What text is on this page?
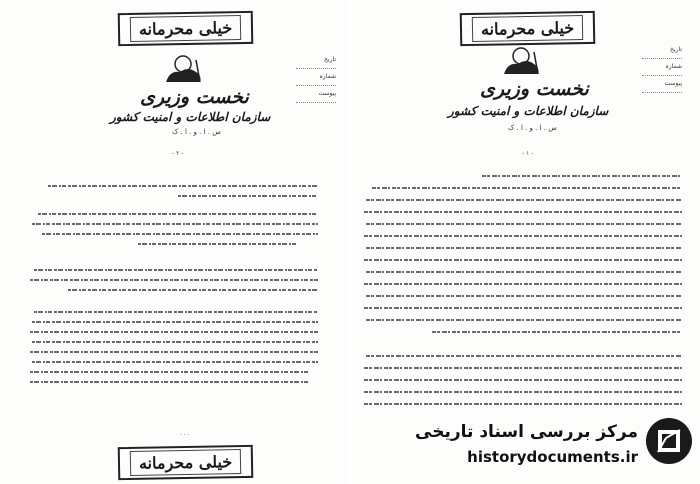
خیلی محرمانه
نخست وزیری
سازمان اطلاعات و امنیت کشور
س . ا . و . ا . ک
تاریخ
شماره
پیوست
- ۲ -
خیلی محرمانه
· · ·
خیلی محرمانه
نخست وزیری
سازمان اطلاعات و امنیت کشور
س . ا . و . ا . ک
تاریخ
شماره
پیوست
- ۱ -
مرکز بررسی اسناد تاریخی
historydocuments.ir
